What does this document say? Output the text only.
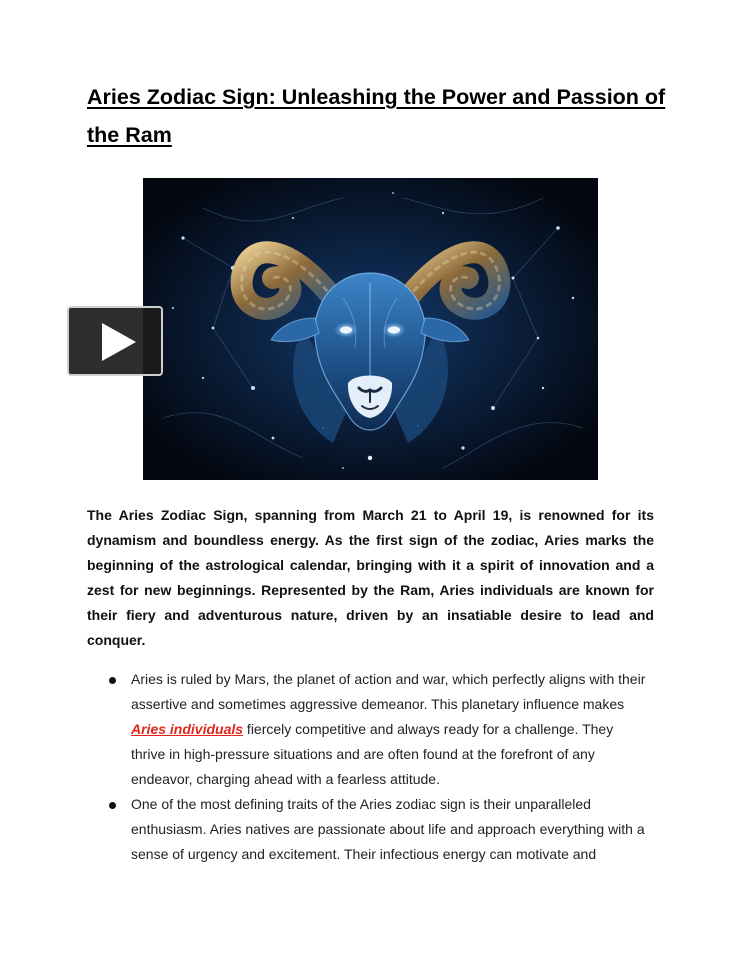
Aries Zodiac Sign: Unleashing the Power and Passion of the Ram

The Aries Zodiac Sign, spanning from March 21 to April 19, is renowned for its dynamism and boundless energy. As the first sign of the zodiac, Aries marks the beginning of the astrological calendar, bringing with it a spirit of innovation and a zest for new beginnings. Represented by the Ram, Aries individuals are known for their fiery and adventurous nature, driven by an insatiable desire to lead and conquer.

Aries is ruled by Mars, the planet of action and war, which perfectly aligns with their assertive and sometimes aggressive demeanor. This planetary influence makes Aries individuals fiercely competitive and always ready for a challenge. They thrive in high-pressure situations and are often found at the forefront of any endeavor, charging ahead with a fearless attitude.
One of the most defining traits of the Aries zodiac sign is their unparalleled enthusiasm. Aries natives are passionate about life and approach everything with a sense of urgency and excitement. Their infectious energy can motivate and
